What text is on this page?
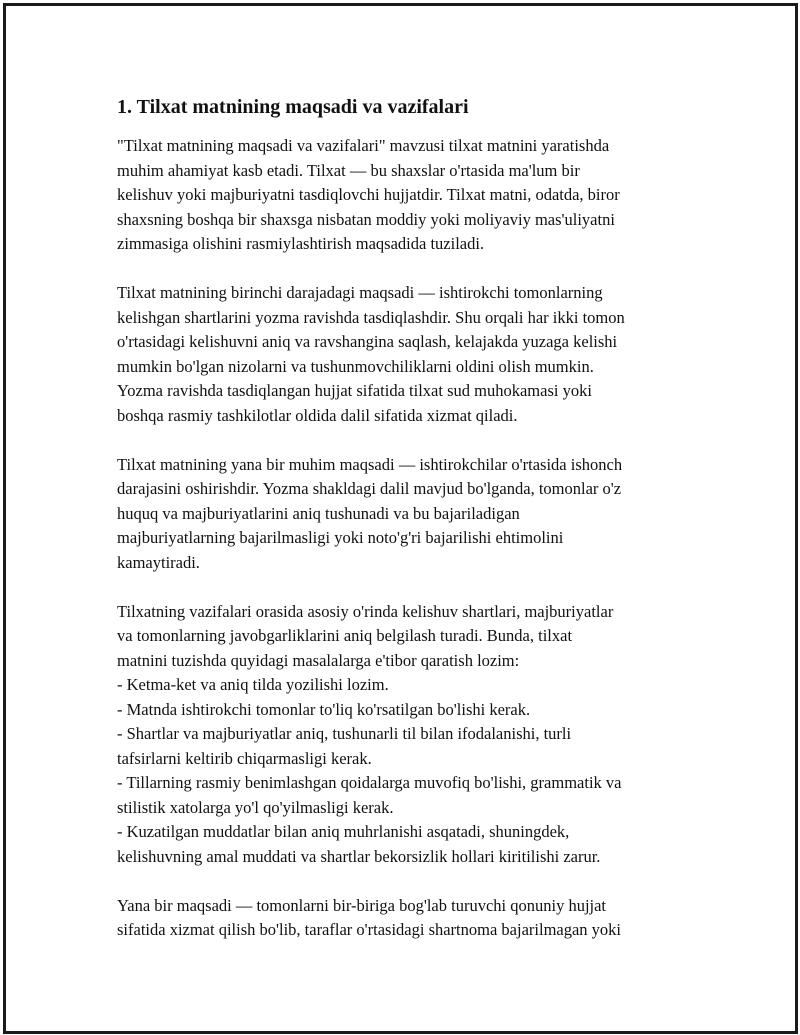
1. Tilxat matnining maqsadi va vazifalari

"Tilxat matnining maqsadi va vazifalari" mavzusi tilxat matnini yaratishda
muhim ahamiyat kasb etadi. Tilxat — bu shaxslar o'rtasida ma'lum bir
kelishuv yoki majburiyatni tasdiqlovchi hujjatdir. Tilxat matni, odatda, biror
shaxsning boshqa bir shaxsga nisbatan moddiy yoki moliyaviy mas'uliyatni
zimmasiga olishini rasmiylashtirish maqsadida tuziladi.

Tilxat matnining birinchi darajadagi maqsadi — ishtirokchi tomonlarning
kelishgan shartlarini yozma ravishda tasdiqlashdir. Shu orqali har ikki tomon
o'rtasidagi kelishuvni aniq va ravshangina saqlash, kelajakda yuzaga kelishi
mumkin bo'lgan nizolarni va tushunmovchiliklarni oldini olish mumkin.
Yozma ravishda tasdiqlangan hujjat sifatida tilxat sud muhokamasi yoki
boshqa rasmiy tashkilotlar oldida dalil sifatida xizmat qiladi.

Tilxat matnining yana bir muhim maqsadi — ishtirokchilar o'rtasida ishonch
darajasini oshirishdir. Yozma shakldagi dalil mavjud bo'lganda, tomonlar o'z
huquq va majburiyatlarini aniq tushunadi va bu bajariladigan
majburiyatlarning bajarilmasligi yoki noto'g'ri bajarilishi ehtimolini
kamaytiradi.

Tilxatning vazifalari orasida asosiy o'rinda kelishuv shartlari, majburiyatlar
va tomonlarning javobgarliklarini aniq belgilash turadi. Bunda, tilxat
matnini tuzishda quyidagi masalalarga e'tibor qaratish lozim:
- Ketma-ket va aniq tilda yozilishi lozim.
- Matnda ishtirokchi tomonlar to'liq ko'rsatilgan bo'lishi kerak.
- Shartlar va majburiyatlar aniq, tushunarli til bilan ifodalanishi, turli
tafsirlarni keltirib chiqarmasligi kerak.
- Tillarning rasmiy benimlashgan qoidalarga muvofiq bo'lishi, grammatik va
stilistik xatolarga yo'l qo'yilmasligi kerak.
- Kuzatilgan muddatlar bilan aniq muhrlanishi asqatadi, shuningdek,
kelishuvning amal muddati va shartlar bekorsizlik hollari kiritilishi zarur.

Yana bir maqsadi — tomonlarni bir-biriga bog'lab turuvchi qonuniy hujjat
sifatida xizmat qilish bo'lib, taraflar o'rtasidagi shartnoma bajarilmagan yoki
